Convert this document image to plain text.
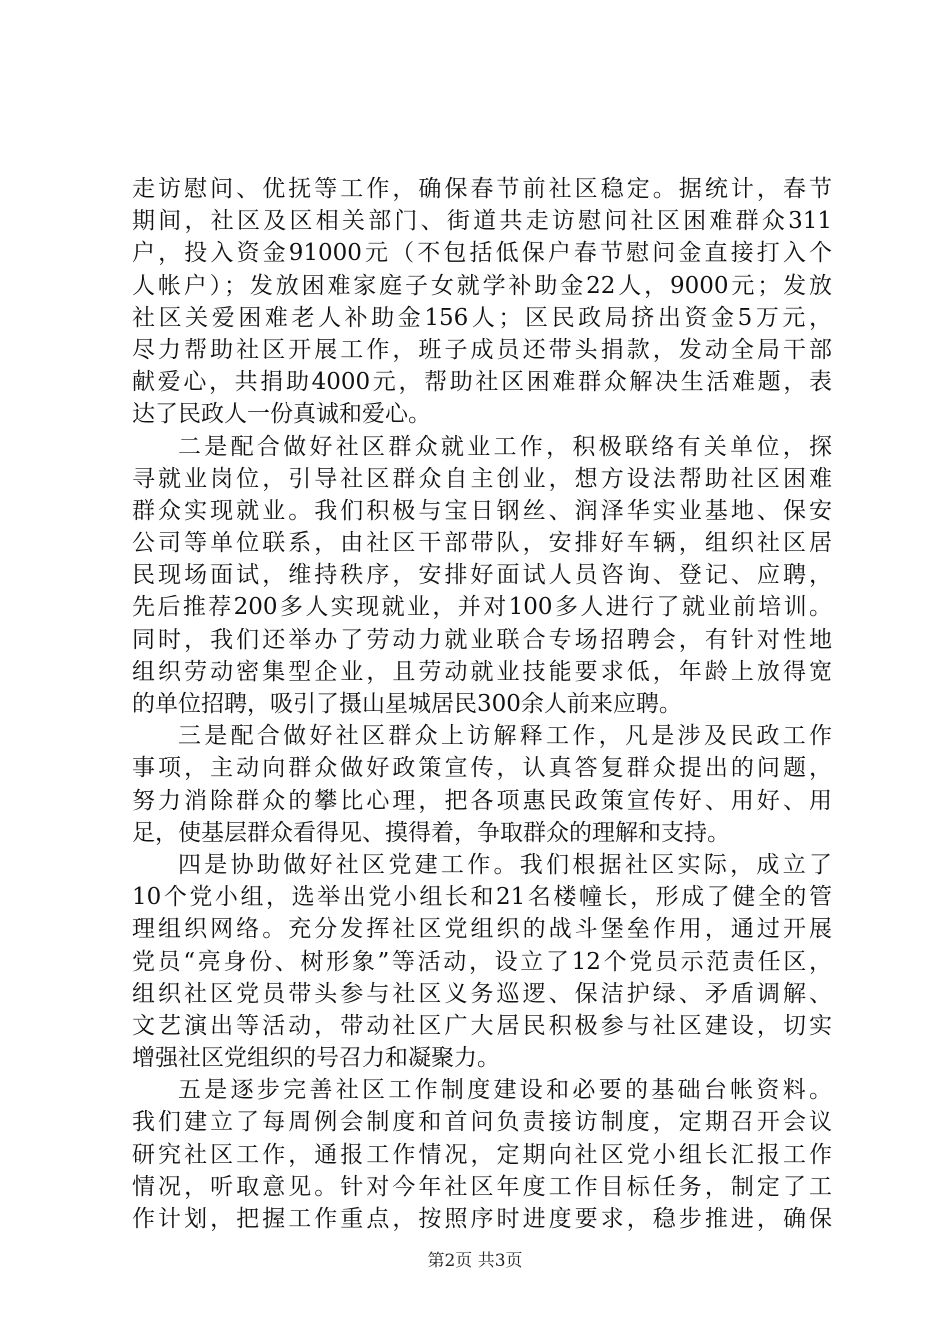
走访慰问、优抚等工作，确保春节前社区稳定。据统计，春节
期间，社区及区相关部门、街道共走访慰问社区困难群众311
户，投入资金91000元（不包括低保户春节慰问金直接打入个
人帐户）；发放困难家庭子女就学补助金22人，9000元；发放
社区关爱困难老人补助金156人；区民政局挤出资金5万元，
尽力帮助社区开展工作，班子成员还带头捐款，发动全局干部
献爱心，共捐助4000元，帮助社区困难群众解决生活难题，表
达了民政人一份真诚和爱心。
二是配合做好社区群众就业工作，积极联络有关单位，探
寻就业岗位，引导社区群众自主创业，想方设法帮助社区困难
群众实现就业。我们积极与宝日钢丝、润泽华实业基地、保安
公司等单位联系，由社区干部带队，安排好车辆，组织社区居
民现场面试，维持秩序，安排好面试人员咨询、登记、应聘，
先后推荐200多人实现就业，并对100多人进行了就业前培训。
同时，我们还举办了劳动力就业联合专场招聘会，有针对性地
组织劳动密集型企业，且劳动就业技能要求低，年龄上放得宽
的单位招聘，吸引了摄山星城居民300余人前来应聘。
三是配合做好社区群众上访解释工作，凡是涉及民政工作
事项，主动向群众做好政策宣传，认真答复群众提出的问题，
努力消除群众的攀比心理，把各项惠民政策宣传好、用好、用
足，使基层群众看得见、摸得着，争取群众的理解和支持。
四是协助做好社区党建工作。我们根据社区实际，成立了
10个党小组，选举出党小组长和21名楼幢长，形成了健全的管
理组织网络。充分发挥社区党组织的战斗堡垒作用，通过开展
党员“亮身份、树形象”等活动，设立了12个党员示范责任区，
组织社区党员带头参与社区义务巡逻、保洁护绿、矛盾调解、
文艺演出等活动，带动社区广大居民积极参与社区建设，切实
增强社区党组织的号召力和凝聚力。
五是逐步完善社区工作制度建设和必要的基础台帐资料。
我们建立了每周例会制度和首问负责接访制度，定期召开会议
研究社区工作，通报工作情况，定期向社区党小组长汇报工作
情况，听取意见。针对今年社区年度工作目标任务，制定了工
作计划，把握工作重点，按照序时进度要求，稳步推进，确保
第2页 共3页
